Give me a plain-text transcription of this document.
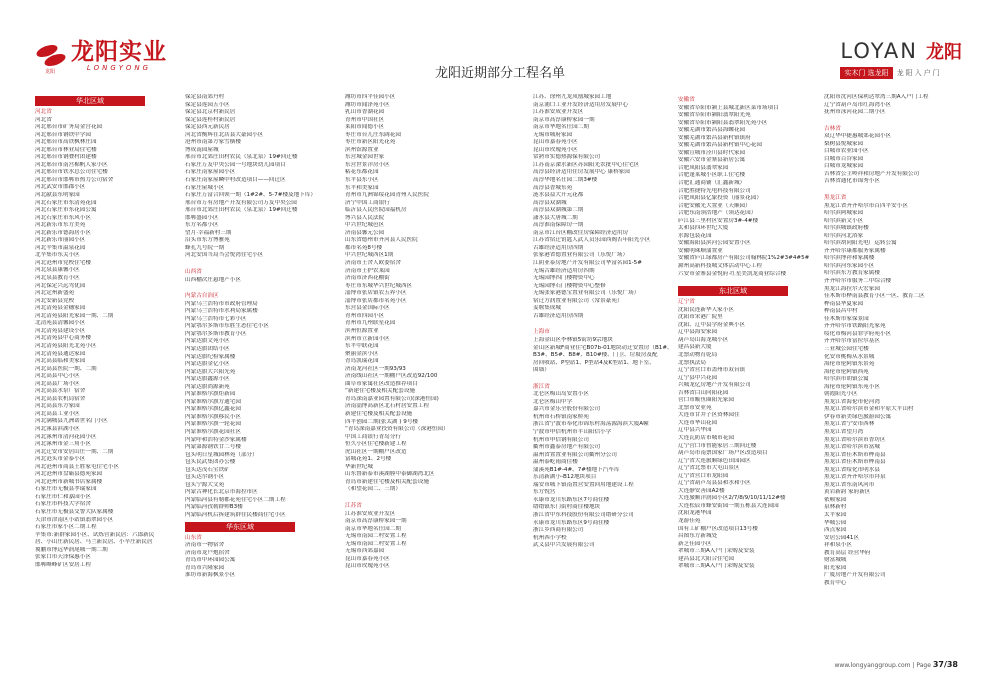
龙阳
龙阳实业
LONGYONG
LOYAN 龙阳
实木门 选龙阳	龙阳入户门
龙阳近期部分工程名单
华北区域
河北省
河北省
河北邢台市矿务局金宫花园
河北邢台市钢铁中学园
河北邢台市高铁枫林庄园
河北邢台市林业局住宅楼
河北邢台市钢叠村团建楼
河北邢台市南宫棉帆人家小区
河北邢台市铁水总公司住宅楼
河北邢台市邯郸市热力公司宿舍
河北武安市邯郡小区
河北献县东明家园
河北石家庄市东清苑花园
河北石家庄市东花园公寓
河北石家庄市东风小区
河北新乐市东方美苑
河北新乐市德海居小区
河北新乐市丽园小区
河北辛集市温泉花园
北辛集市东关小区
河北沧州市党校住宅楼
河北泉县康馨小区
河北泉县教育小区
河北保定兴远驾优园
河北定州新盛苑
河北安新县党校
河北清苑县金穗家园
河北清苑县阳光家园一期、二期
北清苑县清馨园小区
河北清苑县建设小区
河北清苑县中心商务楼
河北清苑县阳光北苑小区
河北清苑县通达家园
河北高县临和美家园
河北高县医院一期、二期
河北高县中心小区
河北高县广场小区
河北高县水泵厂宿舍
河北高县农机局宿舍
河北高县东方家园
河北高县工业小区
河北满城县九洲诺世名门小区
河北涿县滨湖小区
河北涿州市清河花园小区
河北涿州市金三角小区
河北迁安市安居山庄一期、二期
河北沧头市金泰小区
河北沧州市商县王胜家屯住宅小区
河北沧州市盘霸县德苑家园
河北沧州市新城书店家属楼
石家庄市无极县孝瑞家园
石家庄市仁和嘉园小区
石家庄市科技大学宿舍
石家庄市无极县交警大队家属楼
天津市津南区小站镇翡翠园小区
石家庄市家小区二期工程
辛集市:新群家园小区、试炼营新民居：六郎新民
居、小山庄新民居、马兰新民居、小辛庄新民居
冀鹏市博远华润尾城一期二期
张家口市天泽保惠小区
邯郸峰峰矿区安居工程
保定县南郊丹村
保定县莲园五小区
保定县北京村新民居
保定县莲桂村新民居
保定县西元新民居
河北省衡辉在北店县大豪园小区
沧州市南第方家雪横楼
博成南园屋城
邢台市北郊庄田村农民（泉北泉）19#回迁楼
石家庄万友中央公园一号地块幼儿园项目
石家庄南家屋园小区
石家庄南家屋鳞中村改造项目——回迁区
石家庄屋城小区
石家庄万富合回领一期（1#2#、5-7#楼及地下库）
邢台市万有房地产开发有限公司万友中央公园
邢台市北郊庄田村农民（泉北泉）19#回迁楼
邯郸盛园小区
东方名都小区
望月·幸福新村三期
沿头市东方博雅苑
蜂孔九号院一期
河北安国当局当会悦湾住宅小区
山西省
山西榆次庄悬地产小区
内蒙古自治区
内蒙乌兰浩特市市政府管理局
内蒙乌兰浩特市水利局家属楼
内蒙乌兰浩特市七彩小区
内蒙鄂尔多斯市东胜生态住宅小区
内蒙鄂尔多斯市教育小区
内蒙达旗文苑小区
内蒙达旗团结小区
内蒙达旗纪检家属楼
内蒙达旗金亿小区
内蒙达旗大兴阳光苑
内蒙达旗鑫源小区
内蒙达旗尚源新苑
内蒙准格尔旗炬新园
内蒙准格尔旗方通宅园
内蒙准格尔旗亿鑫花园
内蒙准格尔旗移民小区
内蒙准格尔旗一轮花园
内蒙准格尔旗花园社区
内蒙呼和浩特金沙家属楼
内蒙第源钢铁廿二号楼
包头明日星城园林苑（部分）
包头民武集团办公楼
包头达茂石宝铁矿
包头达尔钢小区
包头宁源大文苑
内蒙古神化长北京市海拉市区
内蒙临河县有勒都花苑住宅小区二期工程
内蒙临河孜勒群帅B3楼
内蒙临河机后拆建筑群住民楼商住宅小区
华东区域
山东省
济南市一物宿舍
济南市龙户炮宿舍
青岛市中环园园公寓
青岛市兴隆家园
淮坊市新海枫景小区
潍坊市四平佳园小区
潍坊市闻泽苑小区
乳山市香湖花园
青州市中国社区
莱阳市闻德小区
枣庄市台儿庄东阔花园
枣庄市新区阳光花苑
滨州馆源置业
东营城金园世家
东营世景洋房小区
粘花东都花园
东平县东小区
东平和美家园
青州市九洲锦绥花园青州人民医院
济宁中国工商银行
临沂县人民医院园福机房
博兴县人民法院
中兴世纪城邑区
济南县馨元公园
山东省德州市齐河县人民医院
都市名苑8号楼
中兴世纪城西区1期
济南市王舍人欧委宿舍
济南市王护农莱园
济南市济西花棚街
枣庄市东城华兴世纪城西区
淄博市张店镇农五界小区
淄博市张店都市名苑小区
东营县金国际小区
青州市四园小区
青州市九州联星花园
滨州恒源置业
滨州市立新园小区
东平中联花园
聚丽金滨小区
青岛凯瑞花园
济南龙河社区一期93/93
济南线山社区一期棚户区改造92/100
曲阜市家寓社区改造推荐项目
“新建住宅楼及相关配套设施
青岛深南嘉业园置有限公司(深港恒园)
济南淄博高新区北石村居安置工程
新建住宅楼及相关配套设施
四平创园二期(张太湖 ) 9号楼
“青岛深南嘉业投资有限公司（深港恒园）
中国工商银行青岛分行
恒久小区住宅楼新建工程
虎山社区一期棚户区改造
富城花苑1、2号楼
华新世纪城
山东鲁新泰市溪湖塍中泰御湖湾北区
青岛市新建住宅楼及相关配套设施
（和望花园二、三期）
江苏省
江苏淮安成业开发区
南京市高淳康桥家园一期
南京市华地名仕园二期
无锡市南园二村安置工程
无锡市南园二村安置工程
无锡市西郊嘉园
昆山市嘉春苑小区
昆山市玫瑰苑小区
江苏、徐州九龙凤凰城家园工地
南京浦口工业开发经济适用房发展中心
江苏淮安成业开发区
南京市高淳康桥家园一期
南京市华地名仕园二期
无锡市城府家园
昆山市嘉春苑小区
昆山市玫瑰苑小区
常熟市实德热源保有限公司
江苏南京溧水新区苏园阳光农批中心住宅区
高淳县经济适用住房发展中心 康桥家园
高淳华地名仕园二期3#楼
高淳县香城东苑
涟水县益大开元花都
高淳县双湖城
高淳县双湖城第二期
潇水县大唐城二期
高淳淮南保障房一期
南京市江台区棚改住房保障经济适用房
江苏省宿迁钥匙人武人员乐园西阁否年阳光小区
古雄经济适用房四期
张家港省德置业有限公司（乐悦广场）
江阴亚泰房地产开发有限公司华富名园1-5#
无锡古雄经济适用房四期
无锡园博四门楼物资中心
无锡园博石门楼物资中心整修
无锡张家港德宝置业有限公司（乐悦广场）
宿迁方润置业有限公司（常景豪苑）
姜堰集成城
古雄经济适用房四期
上海市
上海金山区李林镇5街坊9宗地块
金山区新城F商业住宅B07b-01地块动迁安置房（B1#、
B3#、B5#、B8#、B10#楼、门卫、垃圾房及配
房回收站、P型站1、P型站4及K型站1、地下室、
围墙）
浙江省
北仑区梅山岛安置小区
北仑区梅山中学
嘉兴市金乐全股份有限公司
杭州市石桥镇南家桥苑
浙江省宁波市奉化市锦东村海荡源海滨大厦A幢
宁波市申信杭州市半山阳信小学
杭州市申信钢有限公司
衢州市鑫泰房地产有限公司
温州省置置业有限公司衢州分公司
温州泰屹雨商住楼
蒲溪苑B1#-4#、7#楼地下汽车库
乐清新湖小-B12地块项目
瑞安市城下镇南置营安置回用地建设工程
东方悦宫
永康市龙川东路东区7号商住楼
缙缙镇东门街村商住楼地块
浙江省中东科技股份有限公司缙研分公司
永康市龙川东路东区9号商住楼
浙江乡西商有限公司
杭州西小学校
武义县中兴发展有限公司
安徽省
安徽省阜阳市颍上县城北新区菜市场项目
安徽省阜阳市颍阳翡翠阳光苑
安徽省阜阳市颍阳县翡翠阳光苑小区
安徽芜湖市繁昌县海螺花园
安徽芜湖市繁昌县新村镇镇府
安徽芜湖市繁昌县新村镇中心花园
安徽宣城市泾川县时代家园
安徽六安市金寨县新居公寓
合肥凤阳县翡翠家园
合肥蓬莱城小区职工住宅楼
合肥汇通商铺（汇鑫新城）
合肥胜捷特光电科技有限公司
合肥凤阳县亿象投资（丽景花园）
合肥安徽光大置业（天顺园）
合肥东南领浩地产（领达花园）
庐江县三里村区安置房3#-4#楼
太和县四环世纪大厦
水源包装花园
安徽海阳县滨河公园安置小区
安徽明珠顺蒲置业
安徽省庐江绿都房产有限公司翰林院1%2#3#4#5#
滁州高新科技城文体活动中心工程
六安市金寨县金悦府·红星美凯龙商业综合楼
东北区域
辽宁省
沈阳民连新华人家小区
沈阳市宋港广院里
沈阳、辽中县学府金典小区
辽中县海安家园
葫芦岛山海龙城小区
建昌县新大厦
北票动物育乾局
北票执法局
辽宁省营口市盖州市双台镇
辽宁县中兴花园
兴城龙亿房地产开发有限公司
吉林省白山向阳花园
营口市鲅鱼圈阳光家园
北票市安业苑
大连市甘井子区资林园住
大连市华山花园
辽中县兴华园
大连瓦防店市城市花园
辽宁营口市智能家居三期回迁楼
葫芦岛市南票国家广场户区改造项目
辽宁省大连旅顺绿色田园园区
辽宁省北票市大屯山景区
辽宁省营口市龙阳园
辽宁省葫芦岛县县和水和小区
大连静安善园A2楼
大连旅顺洋润园小区2/7/8/9/10/11/12#楼
大连松辰市蜂安街园一期五栋县大连园园
沈阳龙港华园
龙游佳苑
国有工矿棚户区改造项目13号楼
昌图东方新城处
新芝佳园小区
辈城市三期A入户门采购及安装
建昌县北大阳合住宅园
辈城市三期A入户门采购及安装
沈阳市沈河区保利达翠湾三期A入户门工程
辽宁省葫芦岛市红海湾小区
抚州市泳河花园二期小区
吉林省
双辽华中捷惠城郊花园小区
梨树县悦城家园
白城市农业园小区
白城市百谷家园
白城市龙城家园
吉林省公主岭祥和房地产开发有限公司
吉林省通化市锦秀小区
黑龙江省
黑龙江省齐齐哈尔市百四平安小区
哈尔滨阿城家园
哈尔滨新文小区
哈尔滨城镇政府楼
哈尔滨河北浴家
哈尔滨胡同阳光电厂运转公寓
齐齐哈尔康都服务家属楼
哈尔滨博祥和家属楼
哈尔滨河东家园小区
哈尔滨东方教育家属楼
齐齐哈尔市服务二中综合楼
黑龙江海拉尔天宏家园
佳木斯市桦南县教育小区一区、教育二区
桦南县华夏家园
桦南县昌中村
佳木斯市家保景园
齐齐哈尔市铁路阳光家苑
绥化市梅河县罪学府苑小区
齐齐哈尔市富拉尔基区
三亚城公园住宅楼
化安市桃梅从水景城
海伦市伦阿镇东景苑
海伦市伦阿镇西苑
哈尔滨市胡镇公寓
海伦市伦阿镇东苑小区
朝霞阳光小区
黑龙江省海伦市伦河湾
黑龙江省哈尔滨市金和平原大平山村
伊春市新美绿色旅游园公寓
黑龙江省宁安市西林
黑龙江省望月湾
黑龙江省哈尔滨市香坊区
黑龙江省哈尔滨市富城
黑龙江省佳木斯市桦南县
黑龙江省佳木斯市桦南县
黑龙江省绥化市明水县
黑龙江省齐齐哈尔市拜泉
黑龙江省东南风河市
黄岩新韵 家府新区
依顿家园
泉林新村
太平家园
华城公园
西点家园
安居公园41区
祥和泉小区
教育高层 经营华府
财富城城
阳光家园
广厦房地产开发有限公司
教育中心
www.longyanggroup.com | Page 37/38
